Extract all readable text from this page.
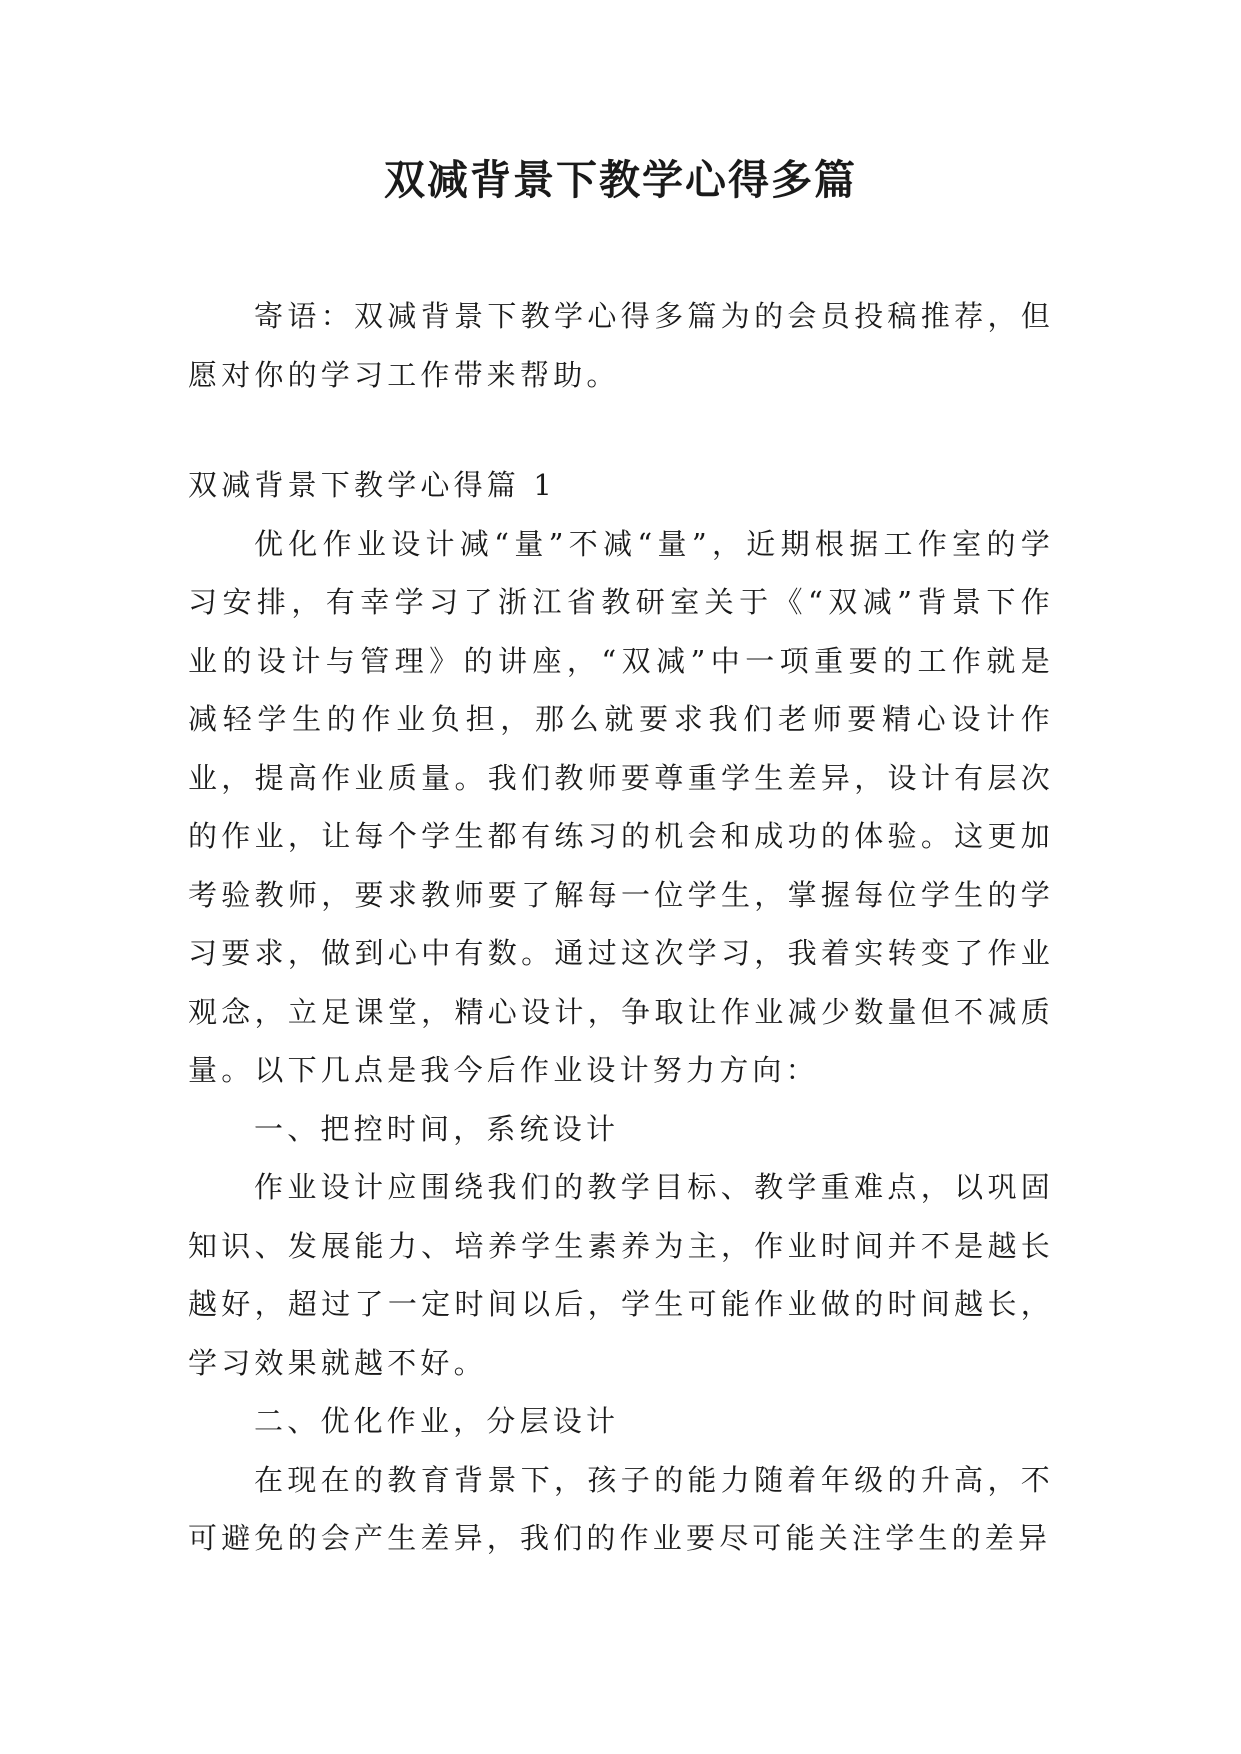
双减背景下教学心得多篇

寄语：双减背景下教学心得多篇为的会员投稿推荐，但愿对你的学习工作带来帮助。

双减背景下教学心得篇 1

优化作业设计减“量”不减“量”，近期根据工作室的学习安排，有幸学习了浙江省教研室关于《“双减”背景下作业的设计与管理》的讲座，“双减”中一项重要的工作就是减轻学生的作业负担，那么就要求我们老师要精心设计作业，提高作业质量。我们教师要尊重学生差异，设计有层次的作业，让每个学生都有练习的机会和成功的体验。这更加考验教师，要求教师要了解每一位学生，掌握每位学生的学习要求，做到心中有数。通过这次学习，我着实转变了作业观念，立足课堂，精心设计，争取让作业减少数量但不减质量。以下几点是我今后作业设计努力方向：

一、把控时间，系统设计

作业设计应围绕我们的教学目标、教学重难点，以巩固知识、发展能力、培养学生素养为主，作业时间并不是越长越好，超过了一定时间以后，学生可能作业做的时间越长，学习效果就越不好。

二、优化作业，分层设计

在现在的教育背景下，孩子的能力随着年级的升高，不可避免的会产生差异，我们的作业要尽可能关注学生的差异
